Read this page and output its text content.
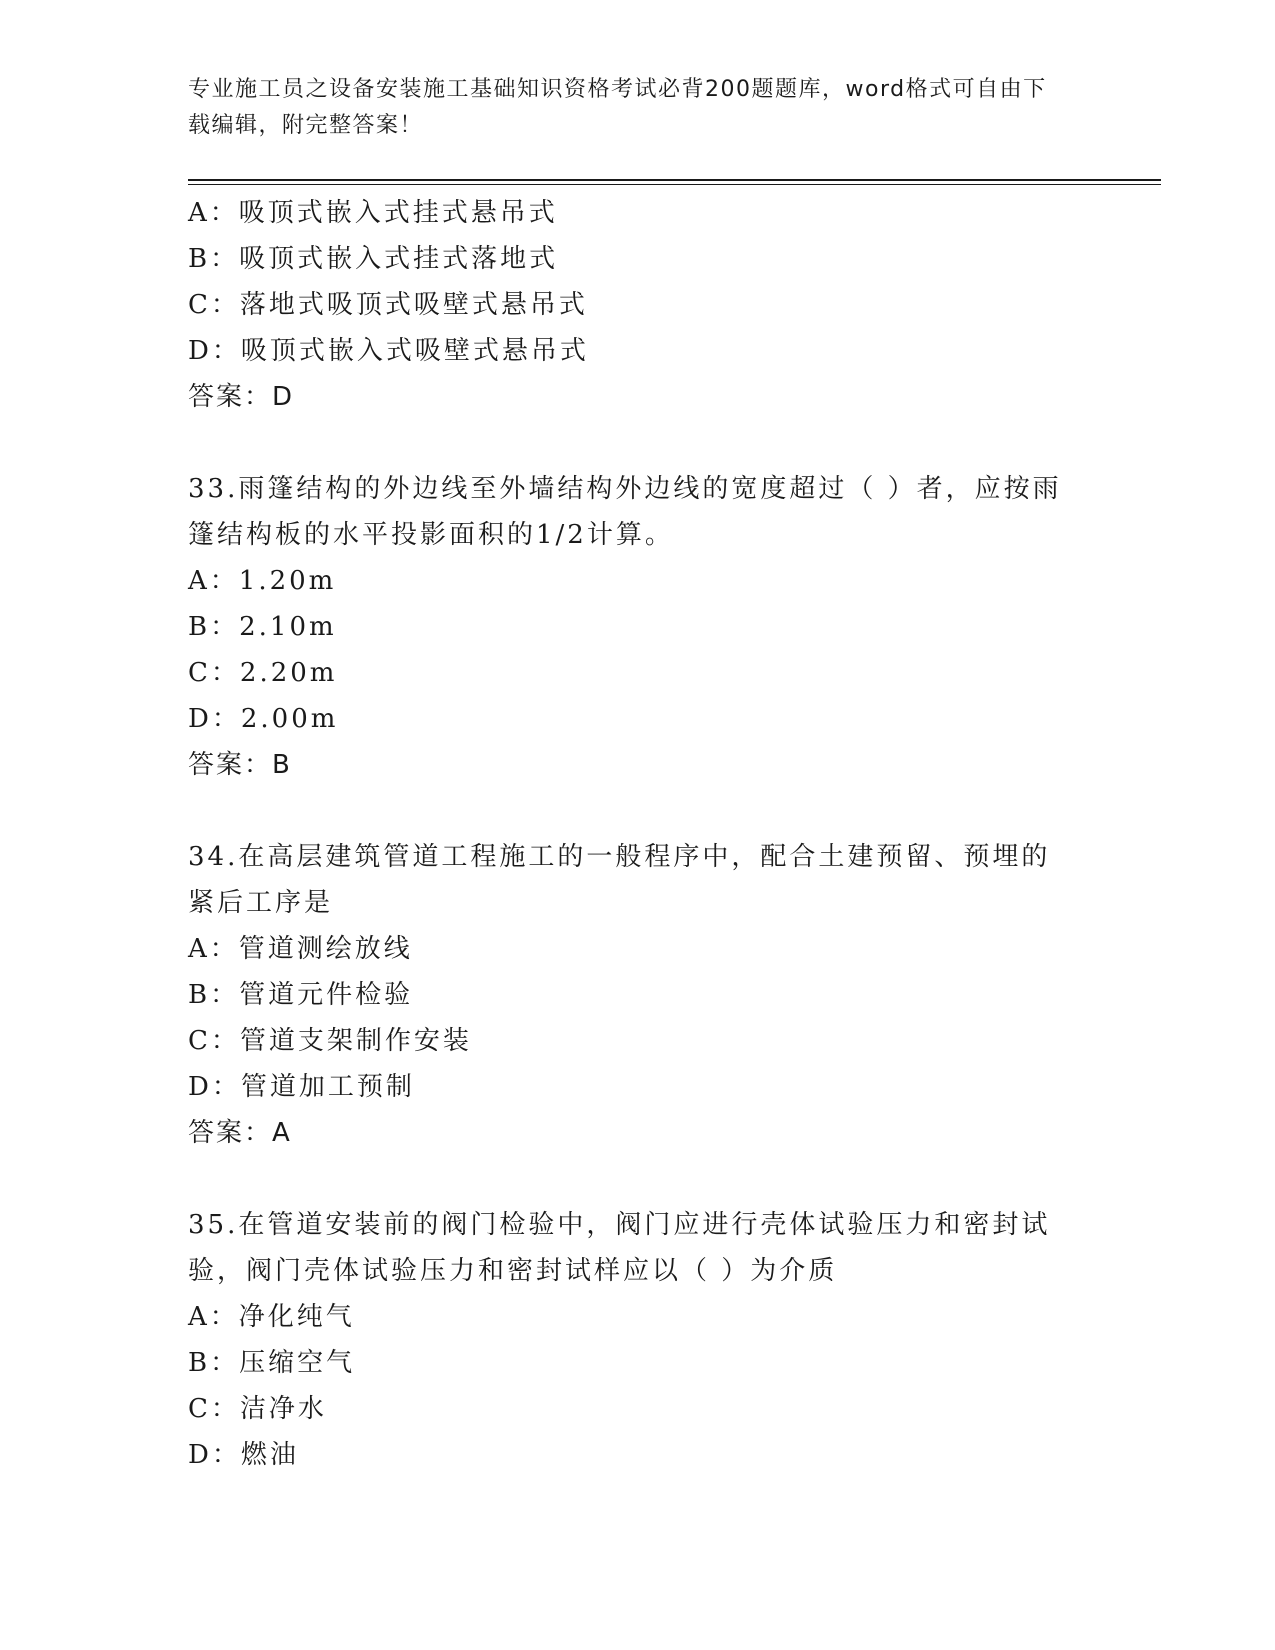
专业施工员之设备安装施工基础知识资格考试必背200题题库，word格式可自由下载编辑，附完整答案！
A：吸顶式嵌入式挂式悬吊式
B：吸顶式嵌入式挂式落地式
C：落地式吸顶式吸壁式悬吊式
D：吸顶式嵌入式吸壁式悬吊式
答案：D
33.雨篷结构的外边线至外墙结构外边线的宽度超过（ ）者，应按雨篷结构板的水平投影面积的1/2计算。
A：1.20m
B：2.10m
C：2.20m
D：2.00m
答案：B
34.在高层建筑管道工程施工的一般程序中，配合土建预留、预埋的紧后工序是
A：管道测绘放线
B：管道元件检验
C：管道支架制作安装
D：管道加工预制
答案：A
35.在管道安装前的阀门检验中，阀门应进行壳体试验压力和密封试验，阀门壳体试验压力和密封试样应以（ ）为介质
A：净化纯气
B：压缩空气
C：洁净水
D：燃油
